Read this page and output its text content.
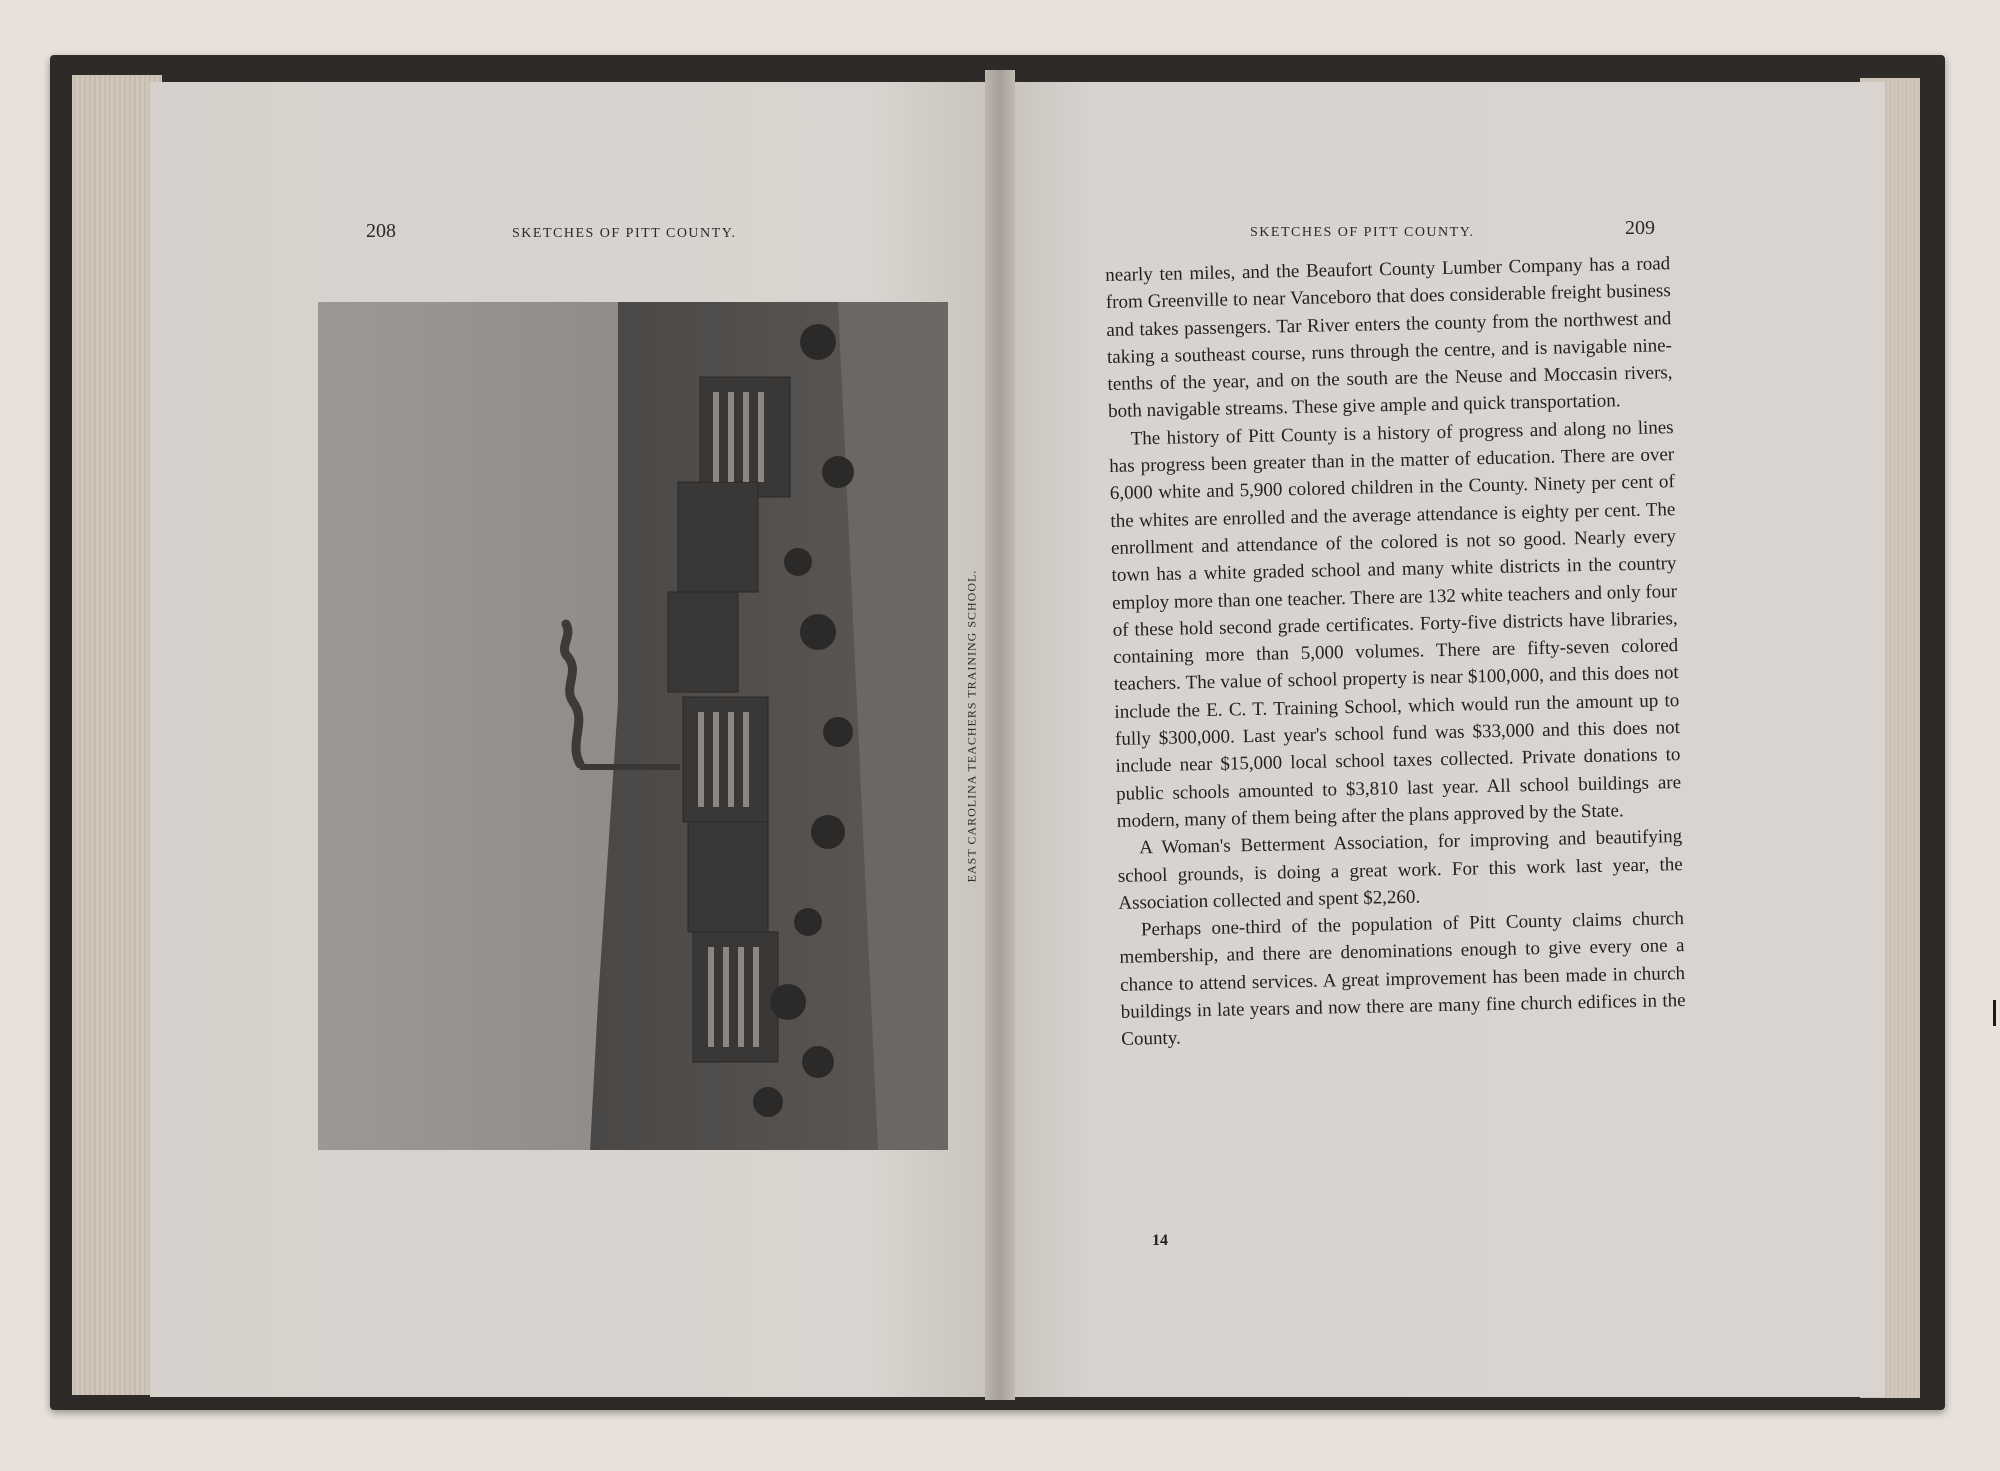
208	SKETCHES OF PITT COUNTY.
EAST CAROLINA TEACHERS TRAINING SCHOOL.
SKETCHES OF PITT COUNTY.	209

nearly ten miles, and the Beaufort County Lumber Company has a road from Greenville to near Vanceboro that does considerable freight business and takes passengers. Tar River enters the county from the northwest and taking a southeast course, runs through the centre, and is navigable nine-tenths of the year, and on the south are the Neuse and Moccasin rivers, both navigable streams. These give ample and quick transportation.

The history of Pitt County is a history of progress and along no lines has progress been greater than in the matter of education. There are over 6,000 white and 5,900 colored children in the County. Ninety per cent of the whites are enrolled and the average attendance is eighty per cent. The enrollment and attendance of the colored is not so good. Nearly every town has a white graded school and many white districts in the country employ more than one teacher. There are 132 white teachers and only four of these hold second grade certificates. Forty-five districts have libraries, containing more than 5,000 volumes. There are fifty-seven colored teachers. The value of school property is near $100,000, and this does not include the E. C. T. Training School, which would run the amount up to fully $300,000. Last year's school fund was $33,000 and this does not include near $15,000 local school taxes collected. Private donations to public schools amounted to $3,810 last year. All school buildings are modern, many of them being after the plans approved by the State.

A Woman's Betterment Association, for improving and beautifying school grounds, is doing a great work. For this work last year, the Association collected and spent $2,260.

Perhaps one-third of the population of Pitt County claims church membership, and there are denominations enough to give every one a chance to attend services. A great improvement has been made in church buildings in late years and now there are many fine church edifices in the County.

14
